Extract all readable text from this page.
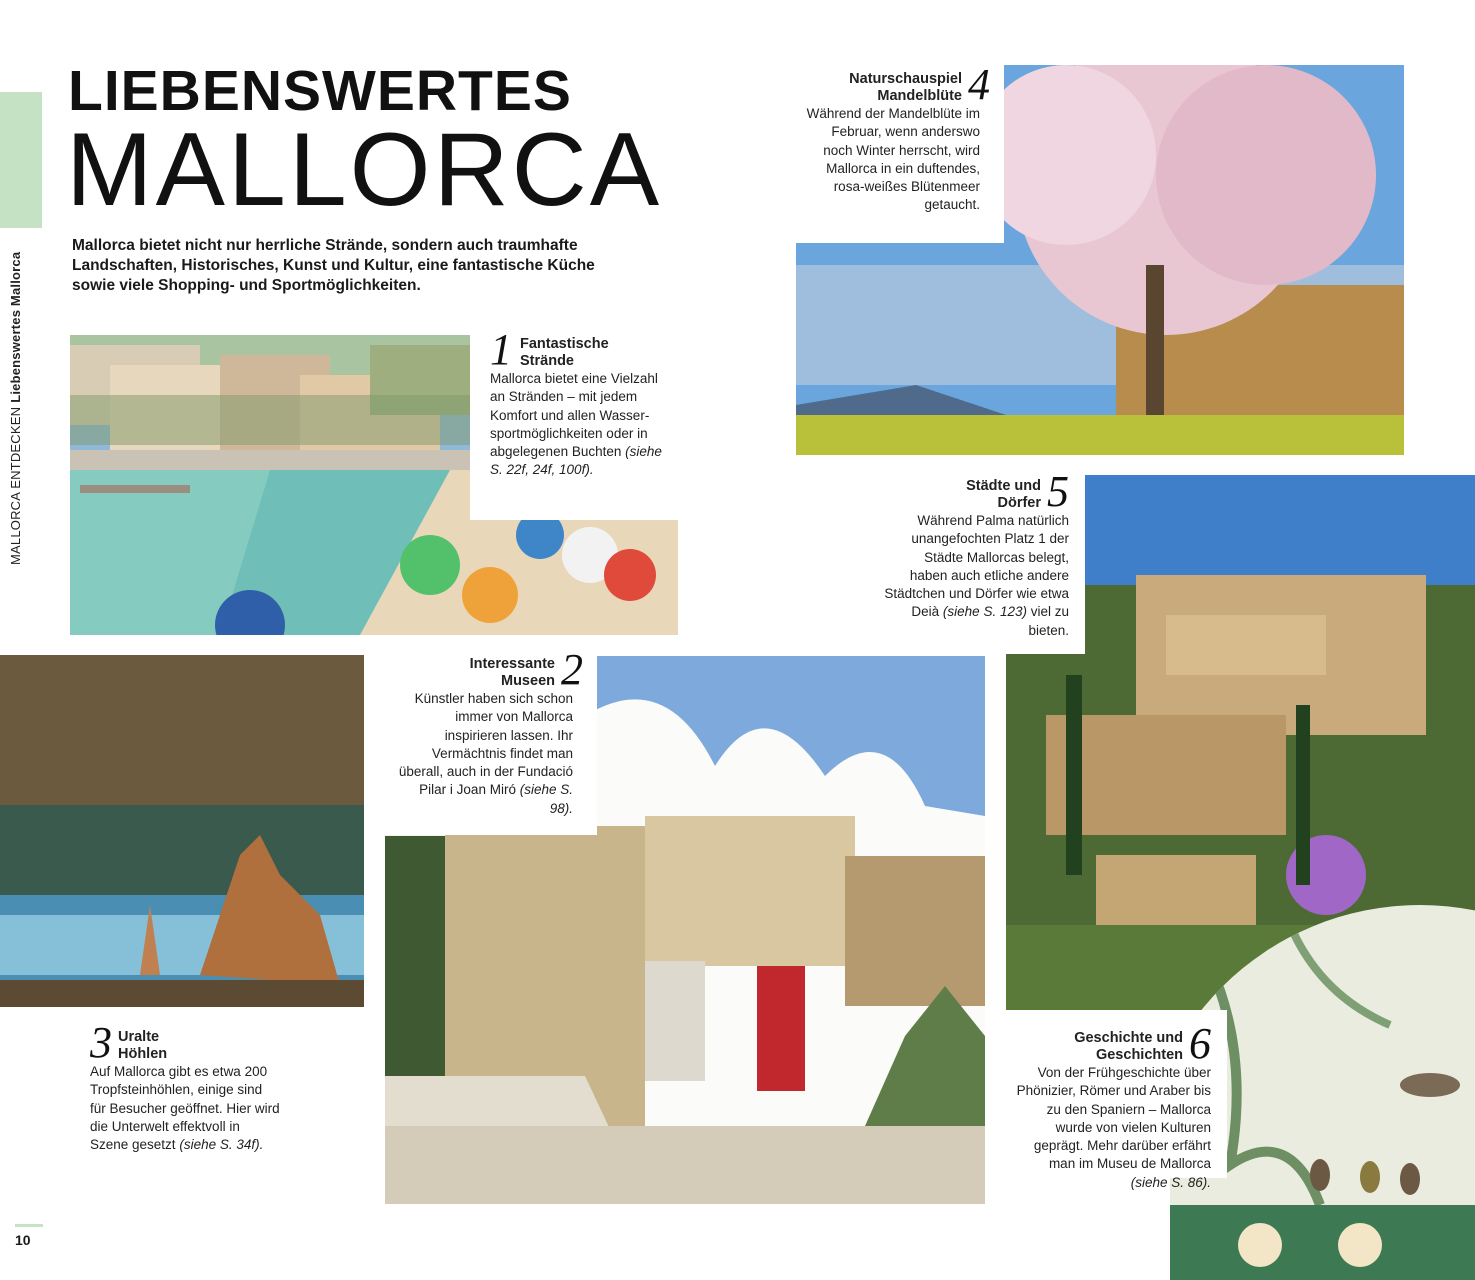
MALLORCA ENTDECKENLiebenswertes Mallorca
LIEBENSWERTES
MALLORCA
Mallorca bietet nicht nur herrliche Strände, sondern auch traumhafte Landschaften, Historisches, Kunst und Kultur, eine fantastische Küche sowie viele Shopping- und Sportmöglichkeiten.
1 Fantastische
Strände
Mallorca bietet eine Vielzahl an Stränden – mit jedem Komfort und allen Wasser-sportmöglichkeiten oder in abgelegenen Buchten (siehe S. 22f, 24f, 100f).
3 Uralte
Höhlen
Auf Mallorca gibt es etwa 200 Tropfsteinhöhlen, einige sind für Besucher geöffnet. Hier wird die Unterwelt effektvoll in Szene gesetzt (siehe S. 34f).
Interessante
Museen 2
Künstler haben sich schon immer von Mallorca inspirieren lassen. Ihr Vermächtnis findet man überall, auch in der Fundació Pilar i Joan Miró (siehe S. 98).
Naturschauspiel
Mandelblüte 4
Während der Mandelblüte im Februar, wenn anderswo noch Winter herrscht, wird Mallorca in ein duftendes, rosa-weißes Blütenmeer getaucht.
Städte und
Dörfer 5
Während Palma natürlich unangefochten Platz 1 der Städte Mallorcas belegt, haben auch etliche andere Städtchen und Dörfer wie etwa Deià (siehe S. 123) viel zu bieten.
Geschichte und
Geschichten 6
Von der Frühgeschichte über Phönizier, Römer und Araber bis zu den Spaniern – Mallorca wurde von vielen Kulturen geprägt. Mehr darüber erfährt man im Museu de Mallorca (siehe S. 86).
10
